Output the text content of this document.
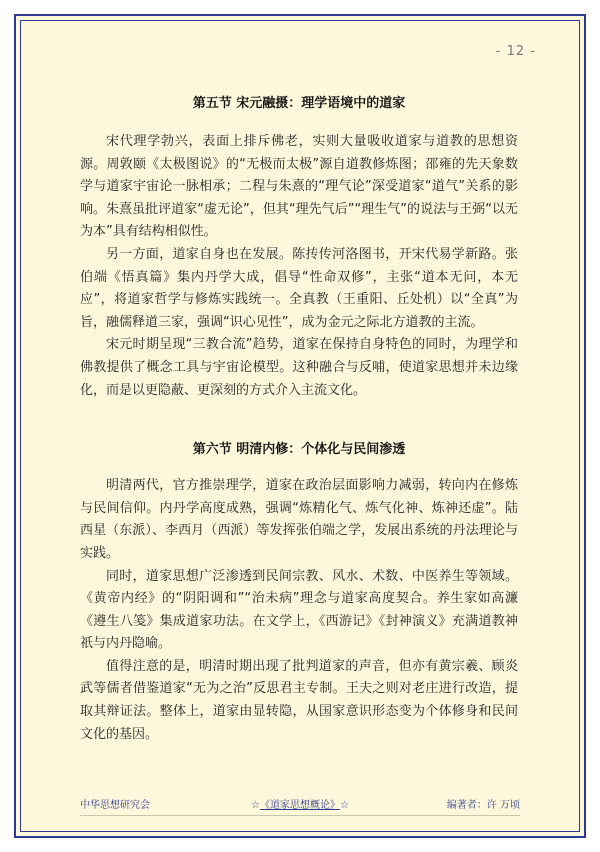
- 12 -
第五节 宋元融摄：理学语境中的道家

宋代理学勃兴，表面上排斥佛老，实则大量吸收道家与道教的思想资源。周敦颐《太极图说》的“无极而太极”源自道教修炼图；邵雍的先天象数学与道家宇宙论一脉相承；二程与朱熹的“理气论”深受道家“道气”关系的影响。朱熹虽批评道家“虚无论”，但其“理先气后”“理生气”的说法与王弼“以无为本”具有结构相似性。

另一方面，道家自身也在发展。陈抟传河洛图书，开宋代易学新路。张伯端《悟真篇》集内丹学大成，倡导“性命双修”，主张“道本无问，本无应”，将道家哲学与修炼实践统一。全真教（王重阳、丘处机）以“全真”为旨，融儒释道三家，强调“识心见性”，成为金元之际北方道教的主流。

宋元时期呈现“三教合流”趋势，道家在保持自身特色的同时，为理学和佛教提供了概念工具与宇宙论模型。这种融合与反哺，使道家思想并未边缘化，而是以更隐蔽、更深刻的方式介入主流文化。

第六节 明清内修：个体化与民间渗透

明清两代，官方推崇理学，道家在政治层面影响力减弱，转向内在修炼与民间信仰。内丹学高度成熟，强调“炼精化气、炼气化神、炼神还虚”。陆西星（东派）、李西月（西派）等发挥张伯端之学，发展出系统的丹法理论与实践。

同时，道家思想广泛渗透到民间宗教、风水、术数、中医养生等领域。《黄帝内经》的“阴阳调和”“治未病”理念与道家高度契合。养生家如高濂《遵生八笺》集成道家功法。在文学上，《西游记》《封神演义》充满道教神祇与内丹隐喻。

值得注意的是，明清时期出现了批判道家的声音，但亦有黄宗羲、顾炎武等儒者借鉴道家“无为之治”反思君主专制。王夫之则对老庄进行改造，提取其辩证法。整体上，道家由显转隐，从国家意识形态变为个体修身和民间文化的基因。

中华思想研究会	☆《道家思想概论》☆	编著者：许 万顷
